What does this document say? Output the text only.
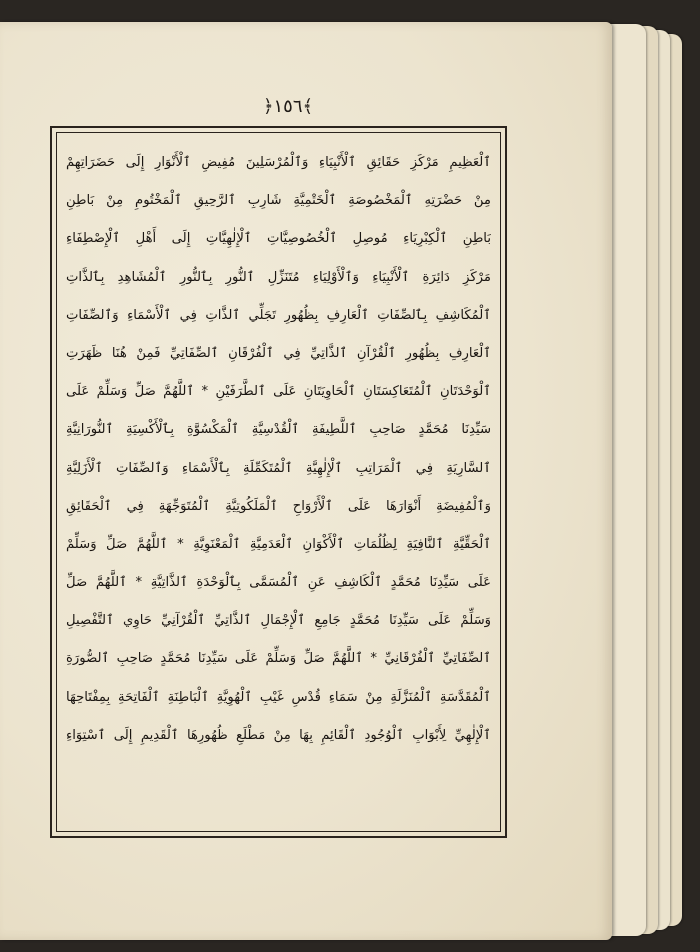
﴿١٥٦﴾
ٱلْعَظِيمِ مَرْكَزِ حَقَائِقِ ٱلْأَنْبِيَاءِ وَٱلْمُرْسَلِينَ مُفِيضِ ٱلْأَنْوَارِ إِلَى حَضَرَاتِهِمْ
مِنْ حَضْرَتِهِ ٱلْمَخْصُوصَةِ ٱلْخَتْمِيَّةِ شَارِبِ ٱلرَّحِيقِ ٱلْمَخْتُومِ مِنْ بَاطِنِ
بَاطِنِ ٱلْكِبْرِيَاءِ مُوصِلِ ٱلْخُصُوصِيَّاتِ ٱلْإِلٰهِيَّاتِ إِلَى أَهْلِ ٱلْإِصْطِفَاءِ
مَرْكَزِ دَائِرَةِ ٱلْأَنْبِيَاءِ وَٱلْأَوْلِيَاءِ مُتَنَزِّلِ ٱلنُّورِ بِٱلنُّورِ ٱلْمُشَاهِدِ بِٱلذَّاتِ
ٱلْمُكَاشِفِ بِٱلصِّفَاتِ ٱلْعَارِفِ بِظُهُورِ تَجَلِّي ٱلذَّاتِ فِي ٱلْأَسْمَاءِ وَٱلصِّفَاتِ
ٱلْعَارِفِ بِظُهُورِ ٱلْقُرْآنِ ٱلذَّاتِيِّ فِي ٱلْفُرْقَانِ ٱلصِّفَاتِيِّ فَمِنْ هُنَا ظَهَرَتِ
ٱلْوَحْدَتَانِ ٱلْمُتَعَاكِسَتَانِ ٱلْحَاوِيَتَانِ عَلَى ٱلطَّرَفَيْنِ * ٱللَّهُمَّ صَلِّ وَسَلِّمْ عَلَى
سَيِّدِنَا مُحَمَّدٍ صَاحِبِ ٱللَّطِيفَةِ ٱلْقُدْسِيَّةِ ٱلْمَكْسُوَّةِ بِٱلْأَكْسِيَةِ ٱلنُّورَانِيَّةِ
ٱلسَّارِيَةِ فِي ٱلْمَرَاتِبِ ٱلْإِلٰهِيَّةِ ٱلْمُتَكَمِّلَةِ بِٱلْأَسْمَاءِ وَٱلصِّفَاتِ ٱلْأَزَلِيَّةِ
وَٱلْمُفِيضَةِ أَنْوَارَهَا عَلَى ٱلْأَرْوَاحِ ٱلْمَلَكُوتِيَّةِ ٱلْمُتَوَجِّهَةِ فِي ٱلْحَقَائِقِ
ٱلْحَقِّيَّةِ ٱلنَّافِيَةِ لِظُلُمَاتِ ٱلْأَكْوَانِ ٱلْعَدَمِيَّةِ ٱلْمَعْنَوِيَّةِ * ٱللَّهُمَّ صَلِّ وَسَلِّمْ
عَلَى سَيِّدِنَا مُحَمَّدٍ ٱلْكَاشِفِ عَنِ ٱلْمُسَمَّى بِٱلْوَحْدَةِ ٱلذَّاتِيَّةِ * ٱللَّهُمَّ صَلِّ
وَسَلِّمْ عَلَى سَيِّدِنَا مُحَمَّدٍ جَامِعِ ٱلْإِجْمَالِ ٱلذَّاتِيِّ ٱلْقُرْآنِيِّ حَاوِي ٱلتَّفْصِيلِ
ٱلصِّفَاتِيِّ ٱلْفُرْقَانِيِّ * ٱللَّهُمَّ صَلِّ وَسَلِّمْ عَلَى سَيِّدِنَا مُحَمَّدٍ صَاحِبِ ٱلصُّورَةِ
ٱلْمُقَدَّسَةِ ٱلْمُنَزَّلَةِ مِنْ سَمَاءِ قُدْسِ غَيْبِ ٱلْهُوِيَّةِ ٱلْبَاطِنَةِ ٱلْفَاتِحَةِ بِمِفْتَاحِهَا
ٱلْإِلٰهِيِّ لِأَبْوَابِ ٱلْوُجُودِ ٱلْقَائِمِ بِهَا مِنْ مَطْلَعِ ظُهُورِهَا ٱلْقَدِيمِ إِلَى ٱسْتِوَاءِ
